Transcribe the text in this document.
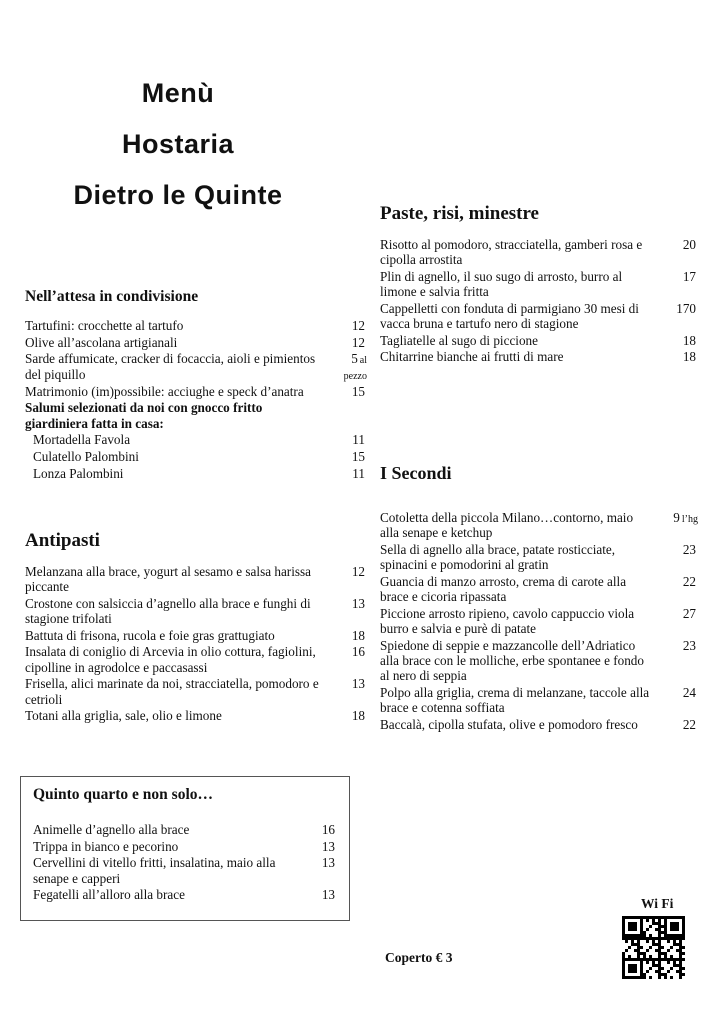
Menù
Hostaria
Dietro le Quinte
Nell’attesa in condivisione
Tartufini: crocchette al tartufo	12
Olive all’ascolana artigianali	12
Sarde affumicate, cracker di focaccia, aioli e pimientos del piquillo
5 al pezzo
Matrimonio (im)possibile: acciughe e speck d’anatra	15
Salumi selezionati da noi con gnocco fritto giardiniera fatta in casa:
Mortadella Favola	11
Culatello Palombini	15
Lonza Palombini	11
Antipasti
Melanzana alla brace, yogurt al sesamo e salsa harissa piccante
12
Crostone con salsiccia d’agnello alla brace e funghi di stagione trifolati
13
Battuta di frisona, rucola e foie gras grattugiato	18
Insalata di coniglio di Arcevia in olio cottura, fagiolini, cipolline in agrodolce e paccasassi
16
Frisella, alici marinate da noi, stracciatella, pomodoro e cetrioli
13
Totani alla griglia, sale, olio e limone	18
Quinto quarto e non solo…
Animelle d’agnello alla brace	16
Trippa in bianco e pecorino	13
Cervellini di vitello fritti, insalatina, maio alla senape e capperi
13
Fegatelli all’alloro alla brace	13
Paste, risi, minestre
Risotto al pomodoro, stracciatella, gamberi rosa e cipolla arrostita
20
Plin di agnello, il suo sugo di arrosto, burro al limone e salvia fritta
17
Cappelletti con fonduta di parmigiano 30 mesi di vacca bruna e tartufo nero di stagione
170
Tagliatelle al sugo di piccione	18
Chitarrine bianche ai frutti di mare	18
I Secondi
Cotoletta della piccola Milano…contorno, maio alla senape e ketchup
9 l’hg
Sella di agnello alla brace, patate rosticciate, spinacini e pomodorini al gratin
23
Guancia di manzo arrosto, crema di carote alla brace e cicoria ripassata
22
Piccione arrosto ripieno, cavolo cappuccio viola burro e salvia e purè di patate
27
Spiedone di seppie e mazzancolle dell’Adriatico alla brace con le molliche, erbe spontanee e fondo al nero di seppia
23
Polpo alla griglia, crema di melanzane, taccole alla brace e cotenna soffiata
24
Baccalà, cipolla stufata, olive e pomodoro fresco	22
Coperto € 3
Wi Fi
